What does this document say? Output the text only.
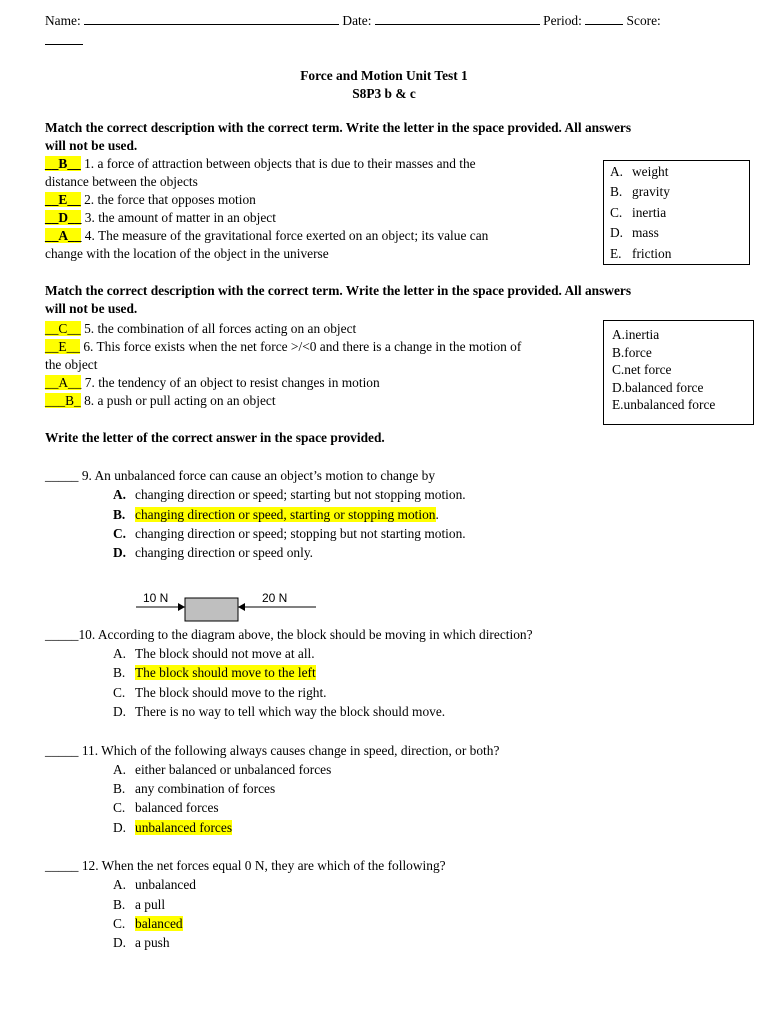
Name:	Date:	Period:	Score:
Force and Motion Unit Test 1
S8P3 b & c
Match the correct description with the correct term. Write the letter in the space provided. All answers
will not be used.
__B__ 1. a force of attraction between objects that is due to their masses and the
distance between the objects
__E__ 2. the force that opposes motion
__D__ 3. the amount of matter in an object
__A__ 4. The measure of the gravitational force exerted on an object; its value can
change with the location of the object in the universe
A. weight
B. gravity
C. inertia
D. mass
E. friction
Match the correct description with the correct term. Write the letter in the space provided. All answers
will not be used.
__C__ 5. the combination of all forces acting on an object
__E__ 6. This force exists when the net force >/<0 and there is a change in the motion of
the object
__A__ 7. the tendency of an object to resist changes in motion
___B_ 8. a push or pull acting on an object
A.inertia
B.force
C.net force
D.balanced force
E.unbalanced force
Write the letter of the correct answer in the space provided.
_____ 9. An unbalanced force can cause an object’s motion to change by
A. changing direction or speed; starting but not stopping motion.
B. changing direction or speed, starting or stopping motion.
C. changing direction or speed; stopping but not starting motion.
D. changing direction or speed only.
10 N	20 N
_____10. According to the diagram above, the block should be moving in which direction?
A. The block should not move at all.
B. The block should move to the left
C. The block should move to the right.
D. There is no way to tell which way the block should move.
_____ 11. Which of the following always causes change in speed, direction, or both?
A. either balanced or unbalanced forces
B. any combination of forces
C. balanced forces
D. unbalanced forces
_____ 12. When the net forces equal 0 N, they are which of the following?
A. unbalanced
B. a pull
C. balanced
D. a push
